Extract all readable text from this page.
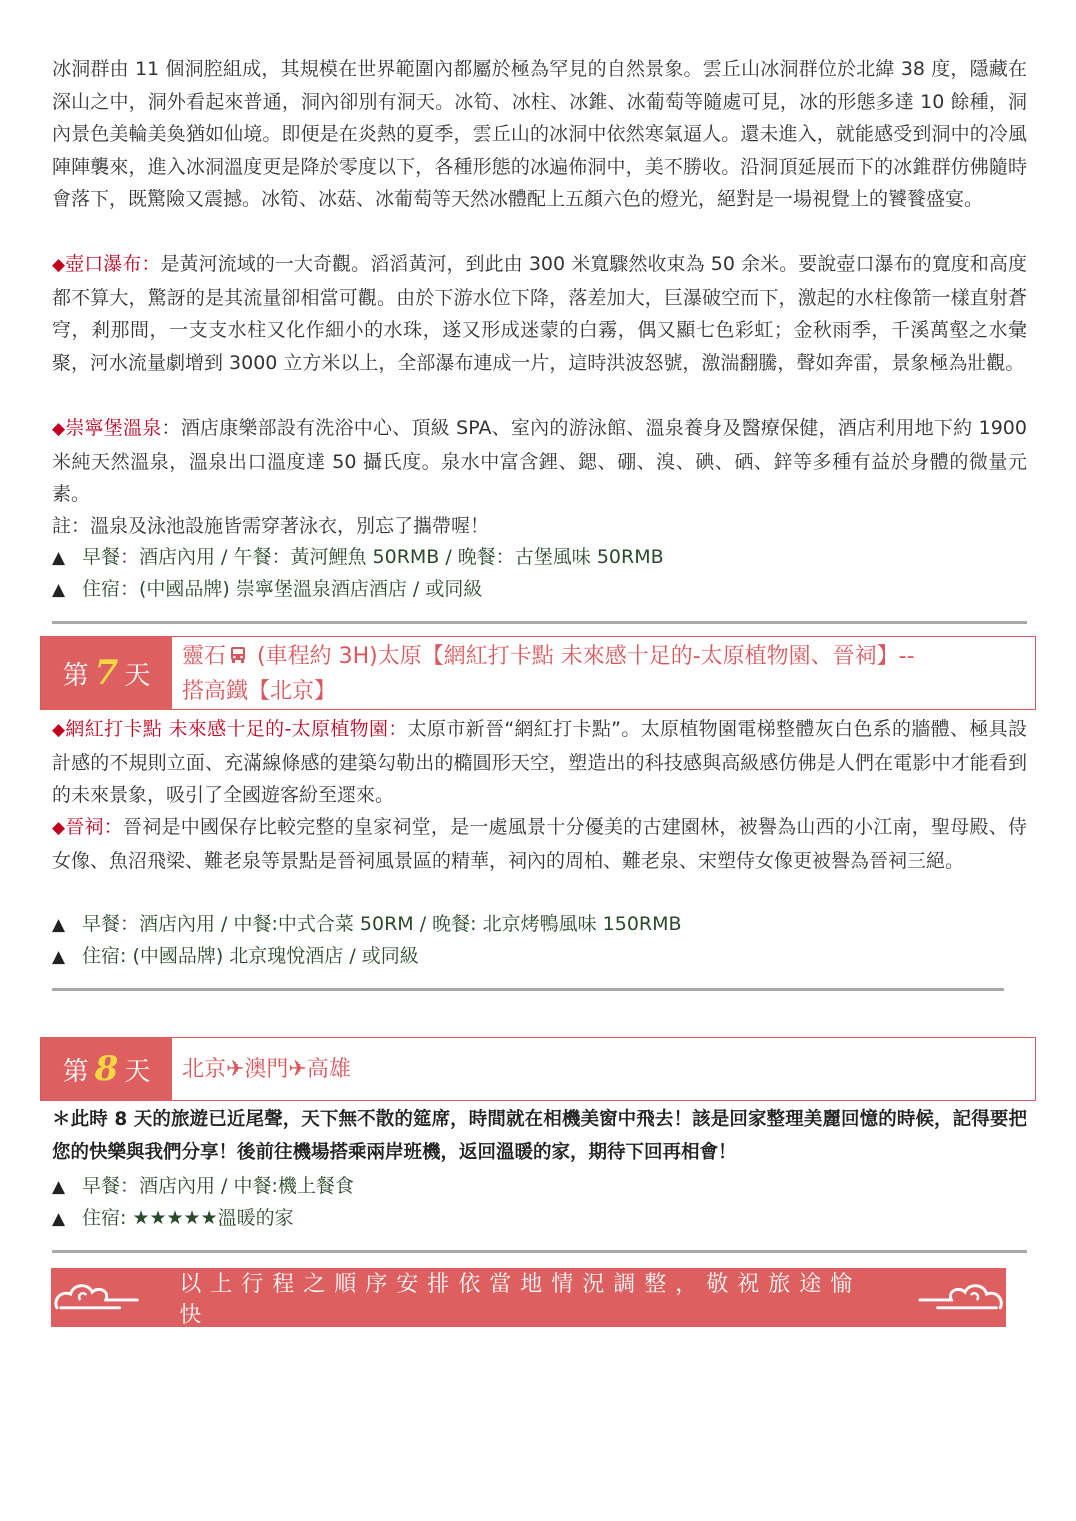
冰洞群由 11 個洞腔組成，其規模在世界範圍內都屬於極為罕見的自然景象。雲丘山冰洞群位於北緯 38 度，隱藏在深山之中，洞外看起來普通，洞內卻別有洞天。冰筍、冰柱、冰錐、冰葡萄等隨處可見，冰的形態多達 10 餘種，洞內景色美輪美奐猶如仙境。即便是在炎熱的夏季，雲丘山的冰洞中依然寒氣逼人。還未進入，就能感受到洞中的冷風陣陣襲來，進入冰洞溫度更是降於零度以下，各種形態的冰遍佈洞中，美不勝收。沿洞頂延展而下的冰錐群仿佛隨時會落下，既驚險又震撼。冰筍、冰菇、冰葡萄等天然冰體配上五顏六色的燈光，絕對是一場視覺上的饕餮盛宴。

◆壺口瀑布：是黃河流域的一大奇觀。滔滔黃河，到此由 300 米寬驟然收束為 50 余米。要說壺口瀑布的寬度和高度都不算大，驚訝的是其流量卻相當可觀。由於下游水位下降，落差加大，巨瀑破空而下，激起的水柱像箭一樣直射蒼穹，剎那間，一支支水柱又化作細小的水珠，遂又形成迷蒙的白霧，偶又顯七色彩虹；金秋雨季，千溪萬壑之水彙聚，河水流量劇增到 3000 立方米以上，全部瀑布連成一片，這時洪波怒號，激湍翻騰，聲如奔雷，景象極為壯觀。

◆崇寧堡溫泉：酒店康樂部設有洗浴中心、頂級 SPA、室內的游泳館、溫泉養身及醫療保健，酒店利用地下約 1900 米純天然溫泉，溫泉出口溫度達 50 攝氏度。泉水中富含鋰、鍶、硼、溴、碘、硒、鋅等多種有益於身體的微量元素。

註：溫泉及泳池設施皆需穿著泳衣，別忘了攜帶喔！

▲ 早餐：酒店內用 / 午餐：黃河鯉魚 50RMB / 晚餐：古堡風味 50RMB
▲ 住宿：(中國品牌) 崇寧堡溫泉酒店酒店 / 或同級
第 7 天
靈石 (車程約 3H)太原【網紅打卡點 未來感十足的-太原植物園、晉祠】--
搭高鐵【北京】

◆網紅打卡點 未來感十足的-太原植物園：太原市新晉“網紅打卡點”。太原植物園電梯整體灰白色系的牆體、極具設計感的不規則立面、充滿線條感的建築勾勒出的橢圓形天空，塑造出的科技感與高級感仿佛是人們在電影中才能看到的未來景象，吸引了全國遊客紛至遝來。

◆晉祠：晉祠是中國保存比較完整的皇家祠堂，是一處風景十分優美的古建園林，被譽為山西的小江南，聖母殿、侍女像、魚沼飛梁、難老泉等景點是晉祠風景區的精華，祠內的周柏、難老泉、宋塑侍女像更被譽為晉祠三絕。

▲ 早餐：酒店內用 / 中餐:中式合菜 50RM / 晚餐: 北京烤鴨風味 150RMB
▲ 住宿: (中國品牌) 北京瑰悅酒店 / 或同級
第 8 天 北京✈澳門✈高雄

＊此時 8 天的旅遊已近尾聲，天下無不散的筵席，時間就在相機美窗中飛去！該是回家整理美麗回憶的時候，記得要把您的快樂與我們分享！後前往機場搭乘兩岸班機，返回溫暖的家，期待下回再相會！

▲ 早餐：酒店內用 / 中餐:機上餐食
▲ 住宿: ★★★★★溫暖的家
以上行程之順序安排依當地情況調整，敬祝旅途愉快
